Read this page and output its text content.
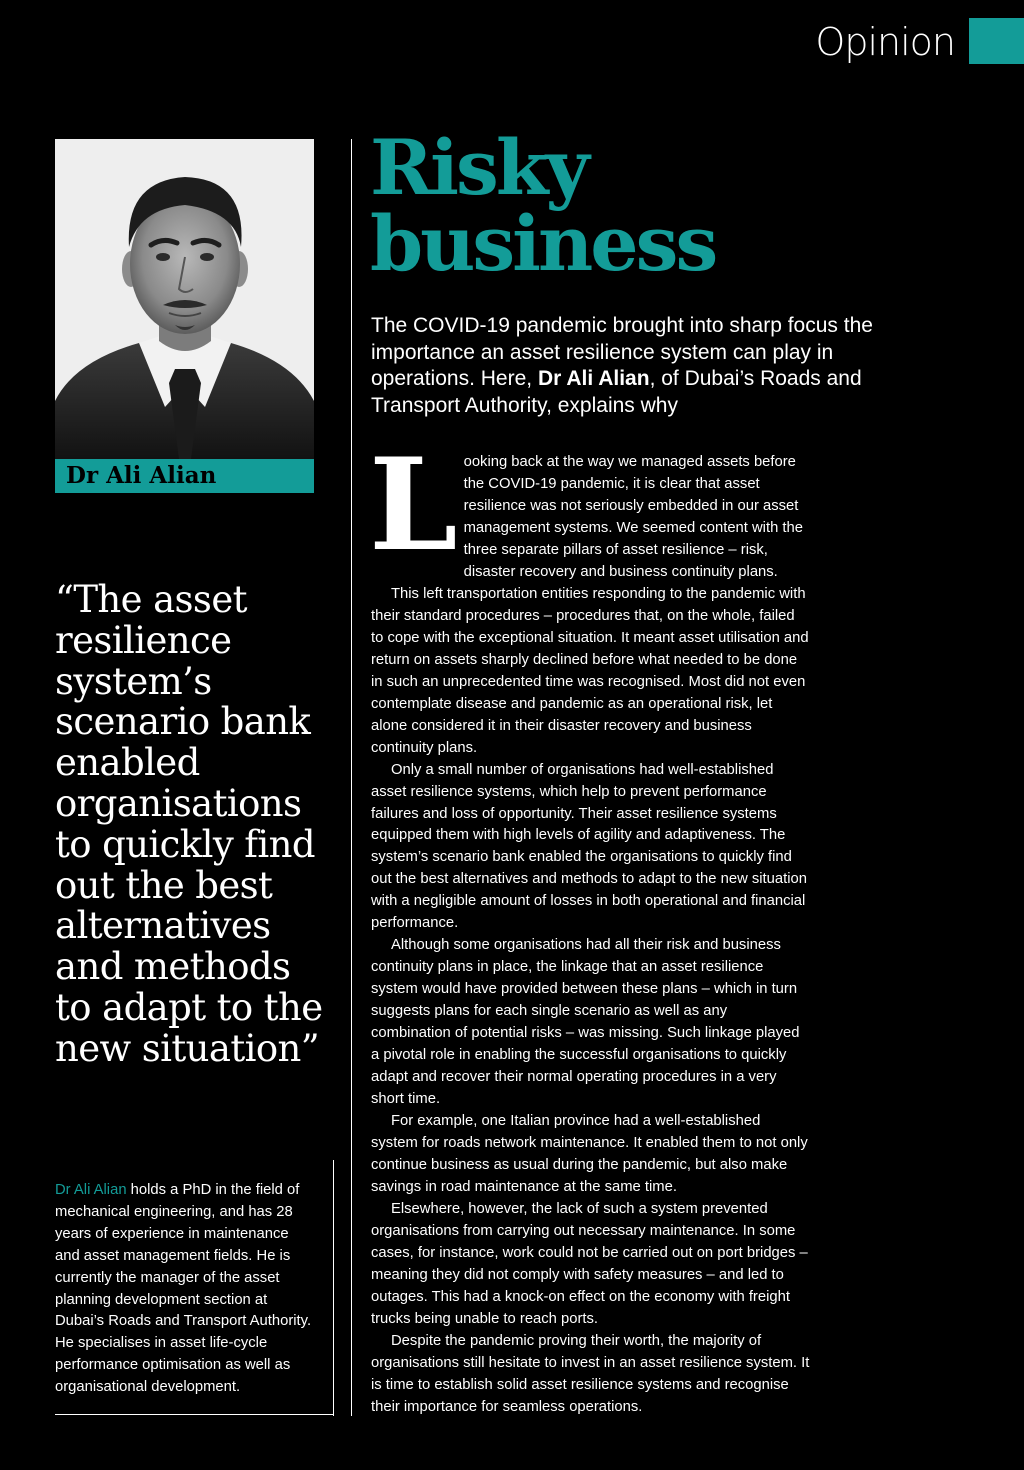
Opinion
Dr Ali Alian

“The asset resilience system’s scenario bank enabled organisations to quickly find out the best alternatives and methods to adapt to the new situation”

Dr Ali Alian holds a PhD in the field of mechanical engineering, and has 28 years of experience in maintenance and asset management fields. He is currently the manager of the asset planning development section at Dubai’s Roads and Transport Authority. He specialises in asset life-cycle performance optimisation as well as organisational development.

Risky
business

The COVID-19 pandemic brought into sharp focus the importance an asset resilience system can play in operations. Here, Dr Ali Alian, of Dubai’s Roads and Transport Authority, explains why

Looking back at the way we managed assets before the COVID-19 pandemic, it is clear that asset resilience was not seriously embedded in our asset management systems. We seemed content with the three separate pillars of asset resilience – risk, disaster recovery and business continuity plans.

This left transportation entities responding to the pandemic with their standard procedures – procedures that, on the whole, failed to cope with the exceptional situation. It meant asset utilisation and return on assets sharply declined before what needed to be done in such an unprecedented time was recognised. Most did not even contemplate disease and pandemic as an operational risk, let alone considered it in their disaster recovery and business continuity plans.

Only a small number of organisations had well-established asset resilience systems, which help to prevent performance failures and loss of opportunity. Their asset resilience systems equipped them with high levels of agility and adaptiveness. The system’s scenario bank enabled the organisations to quickly find out the best alternatives and methods to adapt to the new situation with a negligible amount of losses in both operational and financial performance.

Although some organisations had all their risk and business continuity plans in place, the linkage that an asset resilience system would have provided between these plans – which in turn suggests plans for each single scenario as well as any combination of potential risks – was missing. Such linkage played a pivotal role in enabling the successful organisations to quickly adapt and recover their normal operating procedures in a very short time.

For example, one Italian province had a well-established system for roads network maintenance. It enabled them to not only continue business as usual during the pandemic, but also make savings in road maintenance at the same time.

Elsewhere, however, the lack of such a system prevented organisations from carrying out necessary maintenance. In some cases, for instance, work could not be carried out on port bridges – meaning they did not comply with safety measures – and led to outages. This had a knock-on effect on the economy with freight trucks being unable to reach ports.

Despite the pandemic proving their worth, the majority of organisations still hesitate to invest in an asset resilience system. It is time to establish solid asset resilience systems and recognise their importance for seamless operations.
